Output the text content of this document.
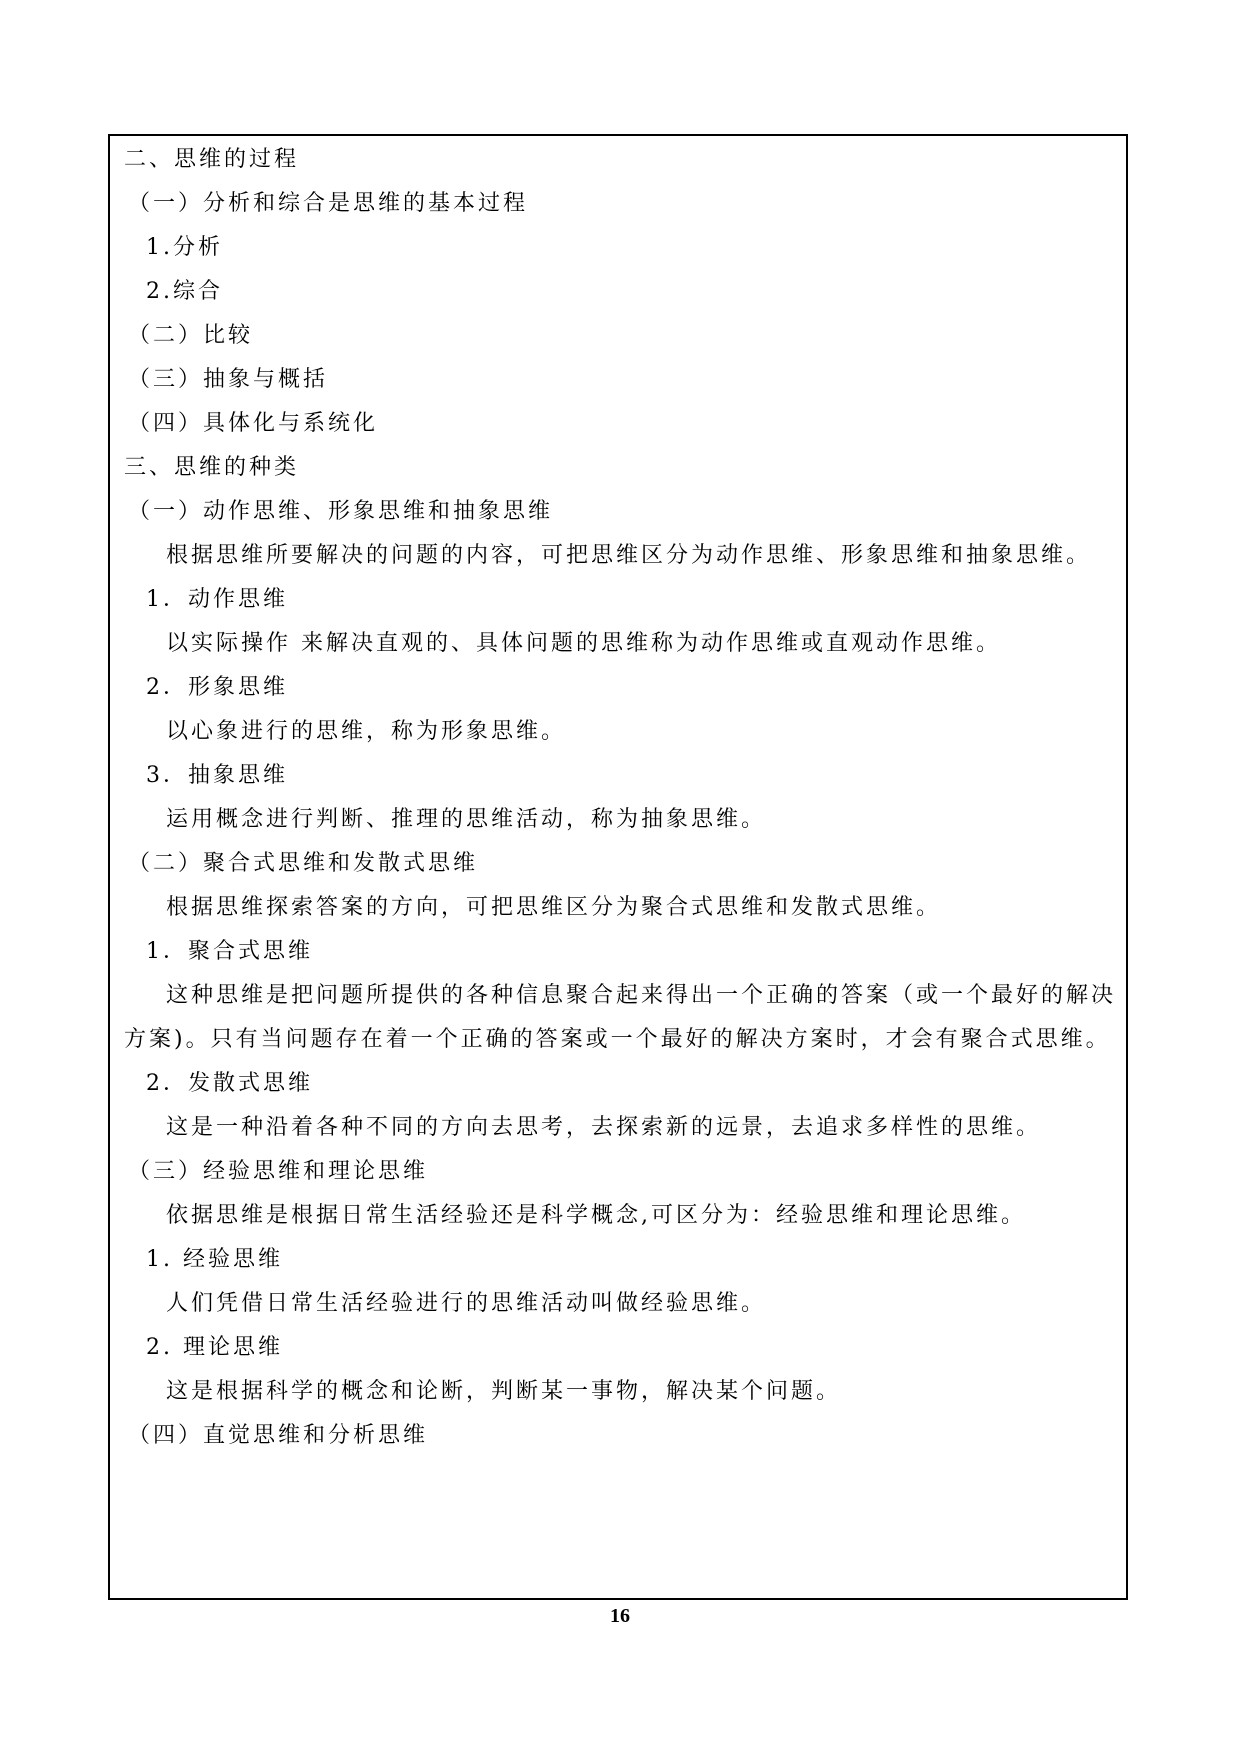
二、思维的过程
（一）分析和综合是思维的基本过程
1.分析
2.综合
（二）比较
（三）抽象与概括
（四）具体化与系统化
三、思维的种类
（一）动作思维、形象思维和抽象思维
根据思维所要解决的问题的内容，可把思维区分为动作思维、形象思维和抽象思维。
1．动作思维
以实际操作 来解决直观的、具体问题的思维称为动作思维或直观动作思维。
2．形象思维
以心象进行的思维，称为形象思维。
3．抽象思维
运用概念进行判断、推理的思维活动，称为抽象思维。
（二）聚合式思维和发散式思维
根据思维探索答案的方向，可把思维区分为聚合式思维和发散式思维。
1．聚合式思维
这种思维是把问题所提供的各种信息聚合起来得出一个正确的答案（或一个最好的解决
方案)。只有当问题存在着一个正确的答案或一个最好的解决方案时，才会有聚合式思维。
2．发散式思维
这是一种沿着各种不同的方向去思考，去探索新的远景，去追求多样性的思维。
（三）经验思维和理论思维
依据思维是根据日常生活经验还是科学概念,可区分为：经验思维和理论思维。
1. 经验思维
人们凭借日常生活经验进行的思维活动叫做经验思维。
2. 理论思维
这是根据科学的概念和论断，判断某一事物，解决某个问题。
（四）直觉思维和分析思维
16
